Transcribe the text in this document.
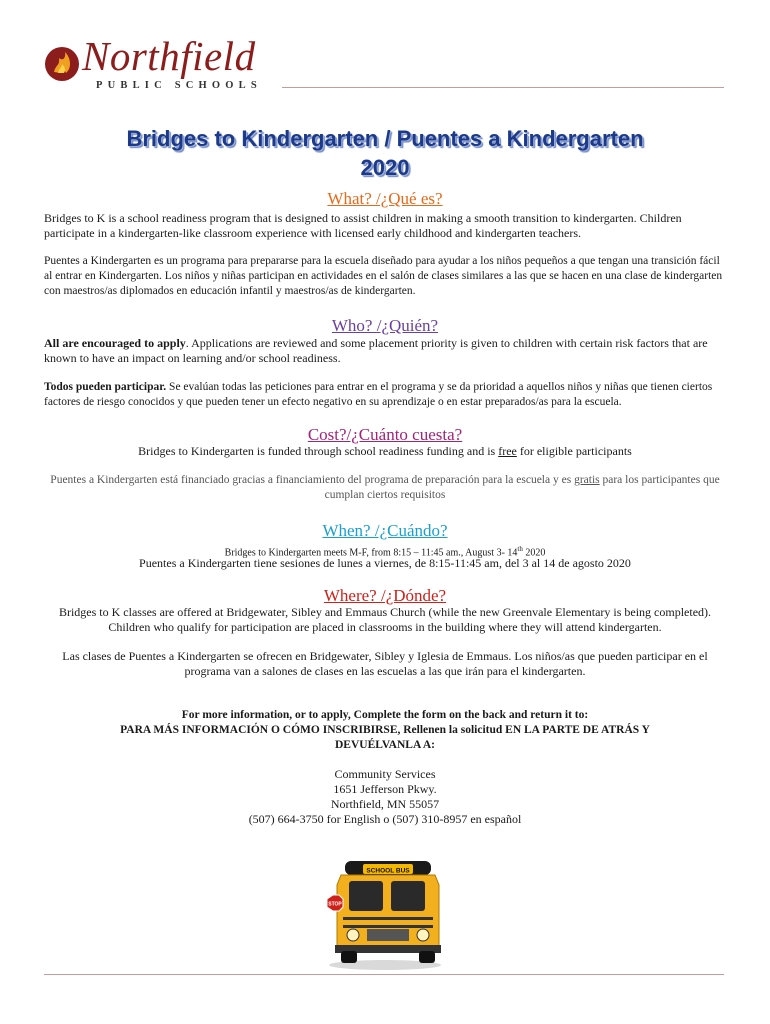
Northfield
PUBLIC SCHOOLS
Bridges to Kindergarten / Puentes a Kindergarten
2020
What? /¿Qué es?
Bridges to K is a school readiness program that is designed to assist children in making a smooth transition to kindergarten. Children participate in a kindergarten-like classroom experience with licensed early childhood and kindergarten teachers.
Puentes a Kindergarten es un programa para prepararse para la escuela diseñado para ayudar a los niños pequeños a que tengan una transición fácil al entrar en Kindergarten. Los niños y niñas participan en actividades en el salón de clases similares a las que se hacen en una clase de kindergarten con maestros/as diplomados en educación infantil y maestros/as de kindergarten.
Who? /¿Quién?
All are encouraged to apply. Applications are reviewed and some placement priority is given to children with certain risk factors that are known to have an impact on learning and/or school readiness.
Todos pueden participar. Se evalúan todas las peticiones para entrar en el programa y se da prioridad a aquellos niños y niñas que tienen ciertos factores de riesgo conocidos y que pueden tener un efecto negativo en su aprendizaje o en estar preparados/as para la escuela.
Cost?/¿Cuánto cuesta?
Bridges to Kindergarten is funded through school readiness funding and is free for eligible participants
Puentes a Kindergarten está financiado gracias a financiamiento del programa de preparación para la escuela y es gratis para los participantes que cumplan ciertos requisitos
When? /¿Cuándo?
Bridges to Kindergarten meets M-F, from 8:15 – 11:45 am., August 3- 14th 2020
Puentes a Kindergarten tiene sesiones de lunes a viernes, de 8:15-11:45 am, del 3 al 14 de agosto 2020
Where? /¿Dónde?
Bridges to K classes are offered at Bridgewater, Sibley and Emmaus Church (while the new Greenvale Elementary is being completed). Children who qualify for participation are placed in classrooms in the building where they will attend kindergarten.
Las clases de Puentes a Kindergarten se ofrecen en Bridgewater, Sibley y Iglesia de Emmaus. Los niños/as que pueden participar en el programa van a salones de clases en las escuelas a las que irán para el kindergarten.
For more information, or to apply, Complete the form on the back and return it to:
PARA MÁS INFORMACIÓN O CÓMO INSCRIBIRSE, Rellenen la solicitud EN LA PARTE DE ATRÁS Y DEVUÉLVANLA A:
Community Services
1651 Jefferson Pkwy.
Northfield, MN 55057
(507) 664-3750 for English o (507) 310-8957 en español
SCHOOL BUS
STOP
